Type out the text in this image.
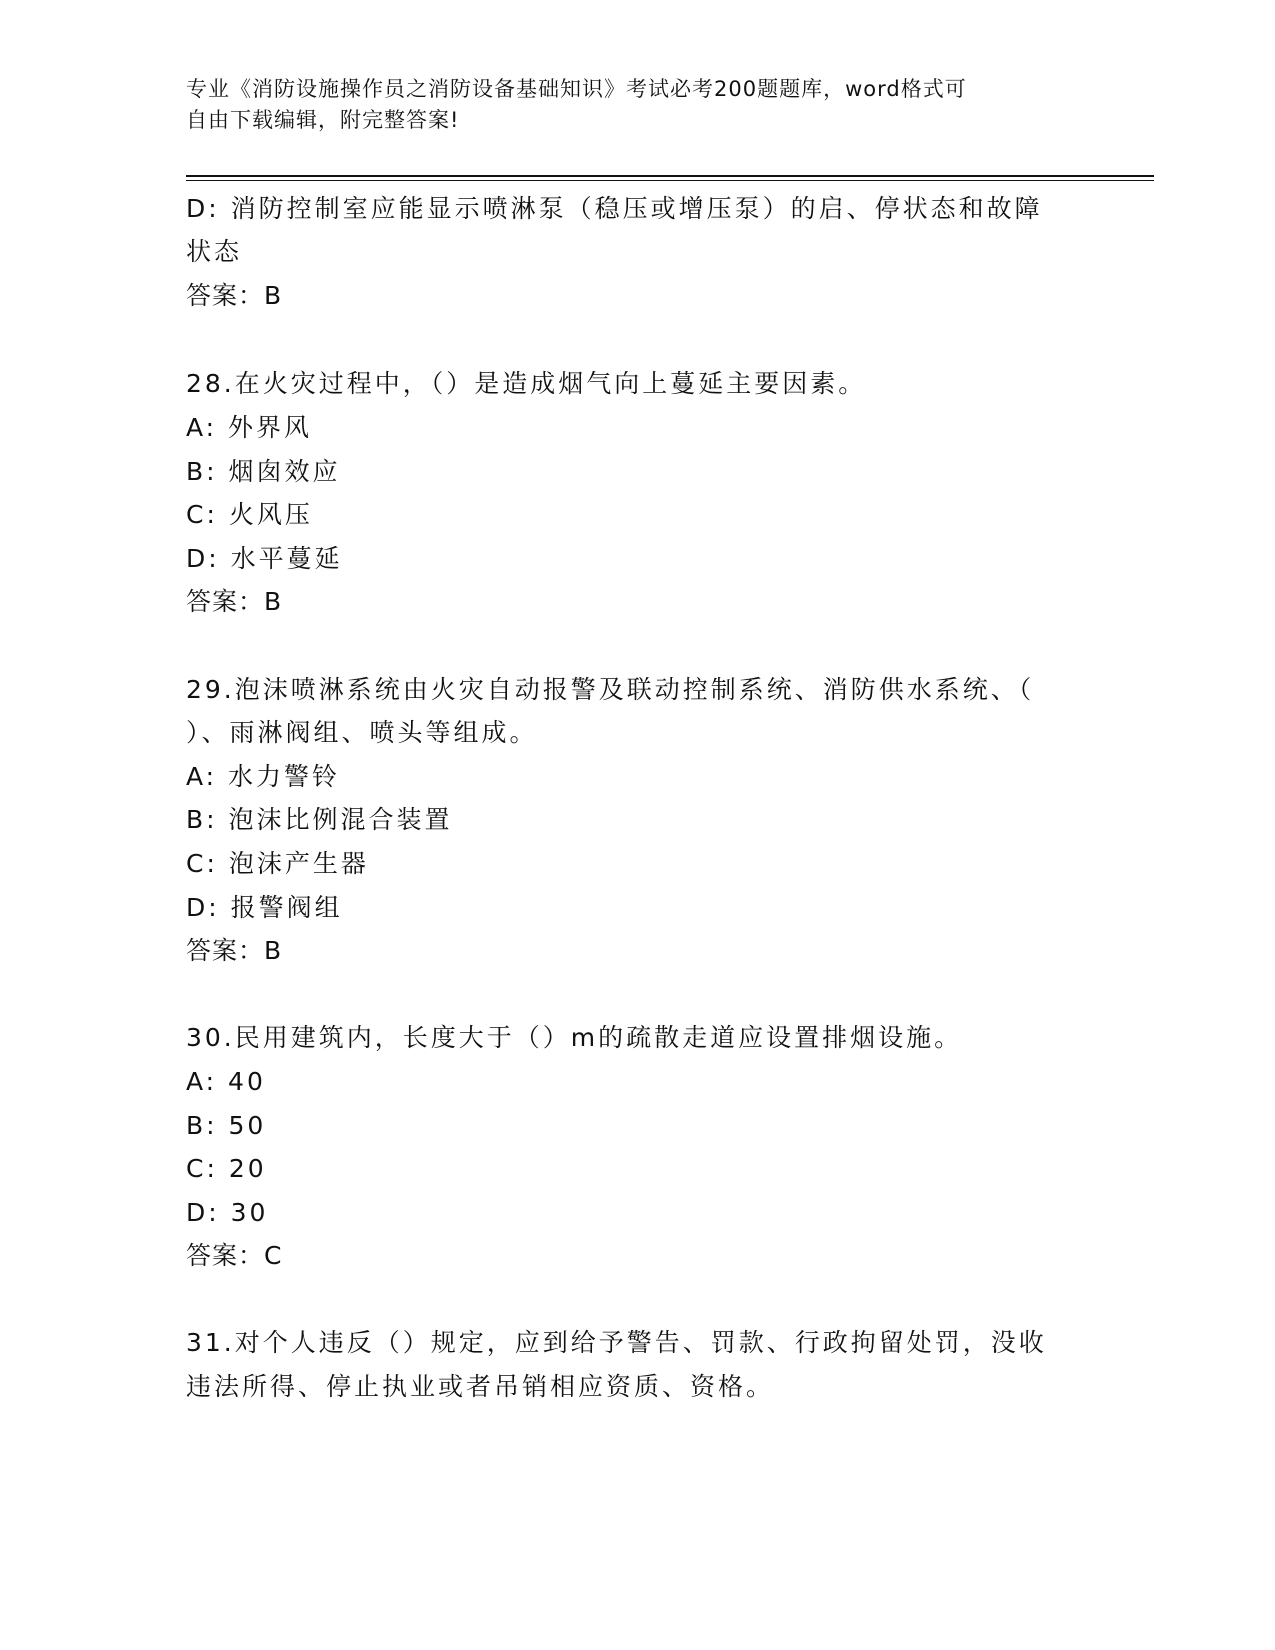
专业《消防设施操作员之消防设备基础知识》考试必考200题题库，word格式可
自由下载编辑，附完整答案!
D: 消防控制室应能显示喷淋泵（稳压或增压泵）的启、停状态和故障
状态
答案：B
28.在火灾过程中，（）是造成烟气向上蔓延主要因素。
A: 外界风
B: 烟囱效应
C: 火风压
D: 水平蔓延
答案：B
29.泡沫喷淋系统由火灾自动报警及联动控制系统、消防供水系统、（
）、雨淋阀组、喷头等组成。
A: 水力警铃
B: 泡沫比例混合装置
C: 泡沫产生器
D: 报警阀组
答案：B
30.民用建筑内，长度大于（）m的疏散走道应设置排烟设施。
A: 40
B: 50
C: 20
D: 30
答案：C
31.对个人违反（）规定，应到给予警告、罚款、行政拘留处罚，没收
违法所得、停止执业或者吊销相应资质、资格。
